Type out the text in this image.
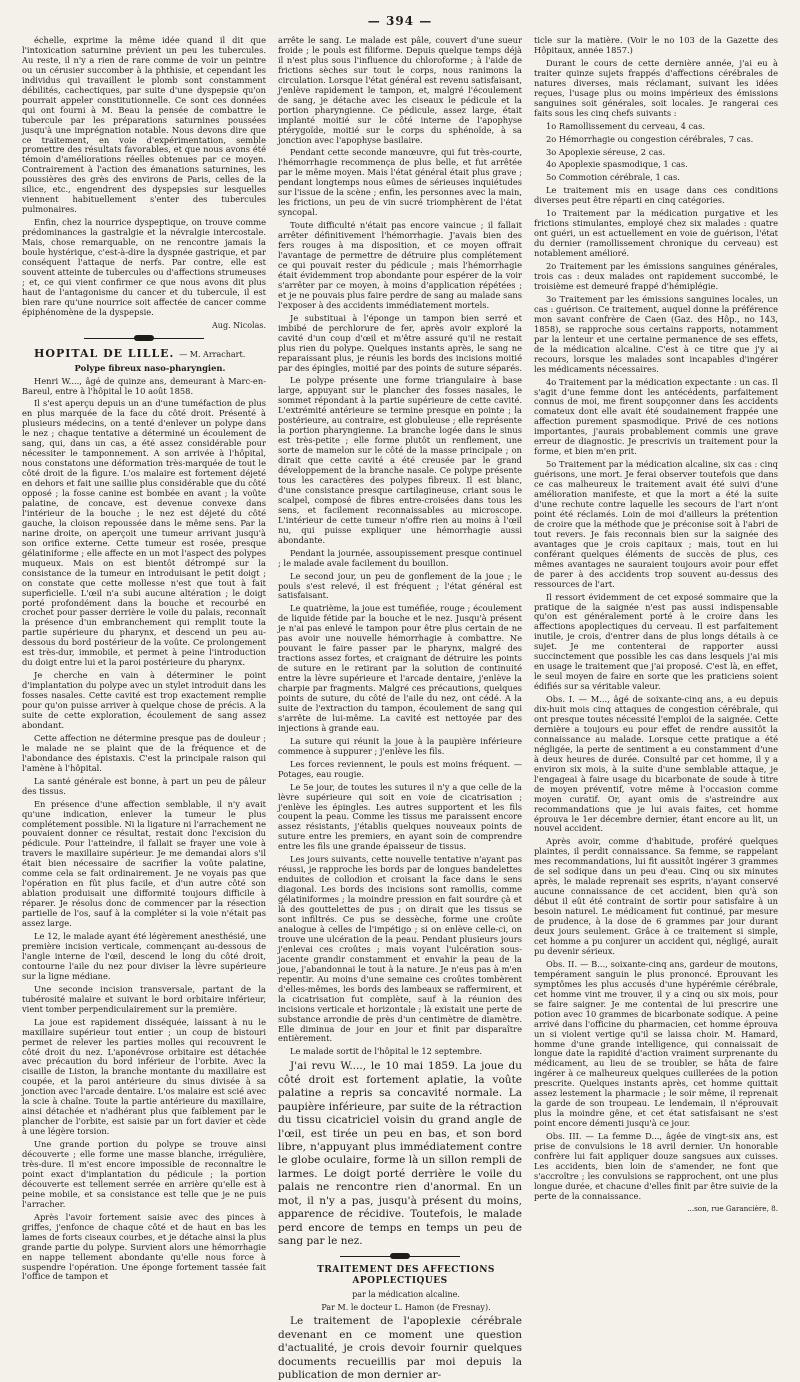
— 394 —

échelle, exprime la même idée quand il dit que l'intoxication saturnine prévient un peu les tubercules. Au reste, il n'y a rien de rare comme de voir un peintre ou un cérusier succomber à la phthisie, et cependant les individus qui travaillent le plomb sont constamment débilités, cachectiques, par suite d'une dyspepsie qu'on pourrait appeler constitutionnelle. Ce sont ces données qui ont fourni à M. Beau la pensée de combattre le tubercule par les préparations saturnines poussées jusqu'à une imprégnation notable. Nous devons dire que ce traitement, en voie d'expérimentation, semble promettre des résultats favorables, et que nous avons été témoin d'améliorations réelles obtenues par ce moyen. Contrairement à l'action des émanations saturnines, les poussières des grès des environs de Paris, celles de la silice, etc., engendrent des dyspepsies sur lesquelles viennent habituellement s'enter des tubercules pulmonaires.

Enfin, chez la nourrice dyspeptique, on trouve comme prédominances la gastralgie et la névralgie intercostale. Mais, chose remarquable, on ne rencontre jamais la boule hystérique, c'est-à-dire la dyspnée gastrique, et par conséquent l'attaque de nerfs. Par contre, elle est souvent atteinte de tubercules ou d'affections strumeuses ; et, ce qui vient confirmer ce que nous avons dit plus haut de l'antagonisme du cancer et du tubercule, il est bien rare qu'une nourrice soit affectée de cancer comme épiphénomène de la dyspepsie.

Aug. Nicolas.

HOPITAL DE LILLE. — M. Arrachart.

Polype fibreux naso-pharyngien.

Henri W...., âgé de quinze ans, demeurant à Marc-en-Bareul, entre à l'hôpital le 10 août 1858.

Il s'est aperçu depuis un an d'une tuméfaction de plus en plus marquée de la face du côté droit. Présenté à plusieurs médecins, on a tenté d'enlever un polype dans le nez ; chaque tentative a déterminé un écoulement de sang, qui, dans un cas, a été assez considérable pour nécessiter le tamponnement. A son arrivée à l'hôpital, nous constatons une déformation très-marquée de tout le côté droit de la figure. L'os malaire est fortement déjeté en dehors et fait une saillie plus considérable que du côté opposé ; la fosse canine est bombée en avant ; la voûte palatine, de concave, est devenue convexe dans l'intérieur de la bouche ; le nez est déjeté du côté gauche, la cloison repoussée dans le même sens. Par la narine droite, on aperçoit une tumeur arrivant jusqu'à son orifice externe. Cette tumeur est rosée, presque gélatiniforme ; elle affecte en un mot l'aspect des polypes muqueux. Mais on est bientôt détrompé sur la consistance de la tumeur en introduisant le petit doigt ; on constate que cette mollesse n'est que tout à fait superficielle. L'œil n'a subi aucune altération ; le doigt porté profondément dans la bouche et recourbé en crochet pour passer derrière le voile du palais, reconnaît la présence d'un embranchement qui remplit toute la partie supérieure du pharynx, et descend un peu au-dessous du bord postérieur de la voûte. Ce prolongement est très-dur, immobile, et permet à peine l'introduction du doigt entre lui et la paroi postérieure du pharynx.

Je cherche en vain à déterminer le point d'implantation du polype avec un stylet introduit dans les fosses nasales. Cette cavité est trop exactement remplie pour qu'on puisse arriver à quelque chose de précis. A la suite de cette exploration, écoulement de sang assez abondant.

Cette affection ne détermine presque pas de douleur ; le malade ne se plaint que de la fréquence et de l'abondance des épistaxis. C'est la principale raison qui l'amène à l'hôpital.

La santé générale est bonne, à part un peu de pâleur des tissus.

En présence d'une affection semblable, il n'y avait qu'une indication, enlever la tumeur le plus complétement possible. Ni la ligature ni l'arrachement ne pouvaient donner ce résultat, restait donc l'excision du pédicule. Pour l'atteindre, il fallait se frayer une voie à travers le maxillaire supérieur. Je me demandai alors s'il était bien nécessaire de sacrifier la voûte palatine, comme cela se fait ordinairement. Je ne voyais pas que l'opération en fût plus facile, et d'un autre côté son ablation produisait une difformité toujours difficile à réparer. Je résolus donc de commencer par la résection partielle de l'os, sauf à la compléter si la voie n'était pas assez large.

Le 12, le malade ayant été légèrement anesthésié, une première incision verticale, commençant au-dessous de l'angle interne de l'œil, descend le long du côté droit, contourne l'aile du nez pour diviser la lèvre supérieure sur la ligne médiane.

Une seconde incision transversale, partant de la tubérosité malaire et suivant le bord orbitaire inférieur, vient tomber perpendiculairement sur la première.

La joue est rapidement disséquée, laissant à nu le maxillaire supérieur tout entier ; un coup de bistouri permet de relever les parties molles qui recouvrent le côté droit du nez. L'aponévrose orbitaire est détachée avec précaution du bord inférieur de l'orbite. Avec la cisaille de Liston, la branche montante du maxillaire est coupée, et la paroi antérieure du sinus divisée à sa jonction avec l'arcade dentaire. L'os malaire est scié avec la scie à chaîne. Toute la partie antérieure du maxillaire, ainsi détachée et n'adhérant plus que faiblement par le plancher de l'orbite, est saisie par un fort davier et cède à une légère torsion.

Une grande portion du polype se trouve ainsi découverte ; elle forme une masse blanche, irrégulière, très-dure. Il m'est encore impossible de reconnaître le point exact d'implantation du pédicule ; la portion découverte est tellement serrée en arrière qu'elle est à peine mobile, et sa consistance est telle que je ne puis l'arracher.

Après l'avoir fortement saisie avec des pinces à griffes, j'enfonce de chaque côté et de haut en bas les lames de forts ciseaux courbes, et je détache ainsi la plus grande partie du polype. Survient alors une hémorrhagie en nappe tellement abondante qu'elle nous force à suspendre l'opération. Une éponge fortement tassée fait l'office de tampon et

arrête le sang. Le malade est pâle, couvert d'une sueur froide ; le pouls est filiforme. Depuis quelque temps déjà il n'est plus sous l'influence du chloroforme ; à l'aide de frictions sèches sur tout le corps, nous ranimons la circulation. Lorsque l'état général est revenu satisfaisant, j'enlève rapidement le tampon, et, malgré l'écoulement de sang, je détache avec les ciseaux le pédicule et la portion pharyngienne. Ce pédicule, assez large, était implanté moitié sur le côté interne de l'apophyse ptérygoïde, moitié sur le corps du sphénoïde, à sa jonction avec l'apophyse basilaire.

Pendant cette seconde manœuvre, qui fut très-courte, l'hémorrhagie recommença de plus belle, et fut arrêtée par le même moyen. Mais l'état général était plus grave ; pendant longtemps nous eûmes de sérieuses inquiétudes sur l'issue de la scène ; enfin, les personnes avec la main, les frictions, un peu de vin sucré triomphèrent de l'état syncopal.

Toute difficulté n'était pas encore vaincue ; il fallait arrêter définitivement l'hémorrhagie. J'avais bien des fers rouges à ma disposition, et ce moyen offrait l'avantage de permettre de détruire plus complétement ce qui pouvait rester du pédicule ; mais l'hémorrhagie était évidemment trop abondante pour espérer de la voir s'arrêter par ce moyen, à moins d'application répétées ; et je ne pouvais plus faire perdre de sang au malade sans l'exposer à des accidents immédiatement mortels.

Je substituai à l'éponge un tampon bien serré et imbibé de perchlorure de fer, après avoir exploré la cavité d'un coup d'œil et m'être assuré qu'il ne restait plus rien du polype. Quelques instants après, le sang ne reparaissant plus, je réunis les bords des incisions moitié par des épingles, moitié par des points de suture séparés.

Le polype présente une forme triangulaire à base large, appuyant sur le plancher des fosses nasales, le sommet répondant à la partie supérieure de cette cavité. L'extrémité antérieure se termine presque en pointe ; la postérieure, au contraire, est globuleuse ; elle représente la portion pharyngienne. La branche logée dans le sinus est très-petite ; elle forme plutôt un renflement, une sorte de mamelon sur le côté de la masse principale ; on dirait que cette cavité a été creusée par le grand développement de la branche nasale. Ce polype présente tous les caractères des polypes fibreux. Il est blanc, d'une consistance presque cartilagineuse, criant sous le scalpel, composé de fibres entre-croisées dans tous les sens, et facilement reconnaissables au microscope. L'intérieur de cette tumeur n'offre rien au moins à l'œil nu, qui puisse expliquer une hémorrhagie aussi abondante.

Pendant la journée, assoupissement presque continuel ; le malade avale facilement du bouillon.

Le second jour, un peu de gonflement de la joue ; le pouls s'est relevé, il est fréquent ; l'état général est satisfaisant.

Le quatrième, la joue est tuméfiée, rouge ; écoulement de liquide fétide par la bouche et le nez. Jusqu'à présent je n'ai pas enlevé le tampon pour être plus certain de ne pas avoir une nouvelle hémorrhagie à combattre. Ne pouvant le faire passer par le pharynx, malgré des tractions assez fortes, et craignant de détruire les points de suture en le retirant par la solution de continuité entre la lèvre supérieure et l'arcade dentaire, j'enlève la charpie par fragments. Malgré ces précautions, quelques points de suture, du côté de l'aile du nez, ont cédé. A la suite de l'extraction du tampon, écoulement de sang qui s'arrête de lui-même. La cavité est nettoyée par des injections à grande eau.

La suture qui réunit la joue à la paupière inférieure commence à suppurer ; j'enlève les fils.

Les forces reviennent, le pouls est moins fréquent. — Potages, eau rougie.

Le 5e jour, de toutes les sutures il n'y a que celle de la lèvre supérieure qui soit en voie de cicatrisation ; j'enlève les épingles. Les autres supportent et les fils coupent la peau. Comme les tissus me paraissent encore assez résistants, j'établis quelques nouveaux points de suture entre les premiers, en ayant soin de comprendre entre les fils une grande épaisseur de tissus.

Les jours suivants, cette nouvelle tentative n'ayant pas réussi, je rapproche les bords par de longues bandelettes enduites de collodion et croisant la face dans le sens diagonal. Les bords des incisions sont ramollis, comme gélatiniformes ; la moindre pression en fait sourdre çà et là des gouttelettes de pus ; on dirait que les tissus se sont infiltrés. Ce pus se dessèche, forme une croûte analogue à celles de l'impétigo ; si on enlève celle-ci, on trouve une ulcération de la peau. Pendant plusieurs jours j'enlevai ces croûtes ; mais voyant l'ulcération sous-jacente grandir constamment et envahir la peau de la joue, j'abandonnai le tout à la nature. Je n'eus pas à m'en repentir. Au moins d'une semaine ces croûtes tombèrent d'elles-mêmes, les bords des lambeaux se raffermirent, et la cicatrisation fut complète, sauf à la réunion des incisions verticale et horizontale ; là existait une perte de substance arrondie de près d'un centimètre de diamètre. Elle diminua de jour en jour et finit par disparaître entièrement.

Le malade sortit de l'hôpital le 12 septembre.

J'ai revu W...., le 10 mai 1859. La joue du côté droit est fortement aplatie, la voûte palatine a repris sa concavité normale. La paupière inférieure, par suite de la rétraction du tissu cicatriciel voisin du grand angle de l'œil, est tirée un peu en bas, et son bord libre, n'appuyant plus immédiatement contre le globe oculaire, forme là un sillon rempli de larmes. Le doigt porté derrière le voile du palais ne rencontre rien d'anormal. En un mot, il n'y a pas, jusqu'à présent du moins, apparence de récidive. Toutefois, le malade perd encore de temps en temps un peu de sang par le nez.

TRAITEMENT DES AFFECTIONS APOPLECTIQUES

par la médication alcaline.

Par M. le docteur L. Hamon (de Fresnay).

Le traitement de l'apoplexie cérébrale devenant en ce moment une question d'actualité, je crois devoir fournir quelques documents recueillis par moi depuis la publication de mon dernier ar-

ticle sur la matière. (Voir le no 103 de la Gazette des Hôpitaux, année 1857.)

Durant le cours de cette dernière année, j'ai eu à traiter quinze sujets frappés d'affections cérébrales de natures diverses, mais réclamant, suivant les idées reçues, l'usage plus ou moins impérieux des émissions sanguines soit générales, soit locales. Je rangerai ces faits sous les cinq chefs suivants :

1o Ramollissement du cerveau, 4 cas.

2o Hémorrhagie ou congestion cérébrales, 7 cas.

3o Apoplexie séreuse, 2 cas.

4o Apoplexie spasmodique, 1 cas.

5o Commotion cérébrale, 1 cas.

Le traitement mis en usage dans ces conditions diverses peut être réparti en cinq catégories.

1o Traitement par la médication purgative et les frictions stimulantes, employé chez six malades : quatre ont guéri, un est actuellement en voie de guérison, l'état du dernier (ramollissement chronique du cerveau) est notablement amélioré.

2o Traitement par les émissions sanguines générales, trois cas : deux malades ont rapidement succombé, le troisième est demeuré frappé d'hémiplégie.

3o Traitement par les émissions sanguines locales, un cas : guérison. Ce traitement, auquel donne la préférence mon savant confrère de Caen (Gaz. des Hôp., no 143, 1858), se rapproche sous certains rapports, notamment par la lenteur et une certaine permanence de ses effets, de la médication alcaline. C'est à ce titre que j'y ai recours, lorsque les malades sont incapables d'ingérer les médicaments nécessaires.

4o Traitement par la médication expectante : un cas. Il s'agit d'une femme dont les antécédents, parfaitement connus de moi, me firent soupçonner dans les accidents comateux dont elle avait été soudainement frappée une affection purement spasmodique. Privé de ces notions importantes, j'aurais probablement commis une grave erreur de diagnostic. Je prescrivis un traitement pour la forme, et bien m'en prit.

5o Traitement par la médication alcaline, six cas : cinq guérisons, une mort. Je ferai observer toutefois que dans ce cas malheureux le traitement avait été suivi d'une amélioration manifeste, et que la mort a été la suite d'une rechute contre laquelle les secours de l'art n'ont point été réclamés. Loin de moi d'ailleurs la prétention de croire que la méthode que je préconise soit à l'abri de tout revers. Je fais reconnais bien sur la saignée des avantages que je crois capitaux ; mais, tout en lui conférant quelques éléments de succès de plus, ces mêmes avantages ne sauraient toujours avoir pour effet de parer à des accidents trop souvent au-dessus des ressources de l'art.

Il ressort évidemment de cet exposé sommaire que la pratique de la saignée n'est pas aussi indispensable qu'on est généralement porté à le croire dans les affections apoplectiques du cerveau. Il est parfaitement inutile, je crois, d'entrer dans de plus longs détails à ce sujet. Je me contenterai de rapporter aussi succinctement que possible les cas dans lesquels j'ai mis en usage le traitement que j'ai proposé. C'est là, en effet, le seul moyen de faire en sorte que les praticiens soient édifiés sur sa véritable valeur.

Obs. I. — M..., âgé de soixante-cinq ans, a eu depuis dix-huit mois cinq attaques de congestion cérébrale, qui ont presque toutes nécessité l'emploi de la saignée. Cette dernière a toujours eu pour effet de rendre aussitôt la connaissance au malade. Lorsque cette pratique a été négligée, la perte de sentiment a eu constamment d'une à deux heures de durée. Consulté par cet homme, il y a environ six mois, à la suite d'une semblable attaque, je l'engageai à faire usage du bicarbonate de soude à titre de moyen préventif, votre même à l'occasion comme moyen curatif. Or, ayant omis de s'astreindre aux recommandations que je lui avais faites, cet homme éprouva le 1er décembre dernier, étant encore au lit, un nouvel accident.

Après avoir, comme d'habitude, proféré quelques plaintes, il perdit connaissance. Sa femme, se rappelant mes recommandations, lui fit aussitôt ingérer 3 grammes de sel sodique dans un peu d'eau. Cinq ou six minutes après, le malade reprenait ses esprits, n'ayant conservé aucune connaissance de cet accident, bien qu'à son début il eût été contraint de sortir pour satisfaire à un besoin naturel. Le médicament fut continué, par mesure de prudence, à la dose de 6 grammes par jour durant deux jours seulement. Grâce à ce traitement si simple, cet homme a pu conjurer un accident qui, négligé, aurait pu devenir sérieux.

Obs. II. — B..., soixante-cinq ans, gardeur de moutons, tempérament sanguin le plus prononcé. Éprouvant les symptômes les plus accusés d'une hypérémie cérébrale, cet homme vint me trouver, il y a cinq ou six mois, pour se faire saigner. Je me contentai de lui prescrire une potion avec 10 grammes de bicarbonate sodique. A peine arrivé dans l'officine du pharmacien, cet homme éprouva un si violent vertige qu'il se laissa choir. M. Hamard, homme d'une grande intelligence, qui connaissait de longue date la rapidité d'action vraiment surprenante du médicament, au lieu de se troubler, se hâta de faire ingérer à ce malheureux quelques cuillerées de la potion prescrite. Quelques instants après, cet homme quittait assez lestement la pharmacie ; le soir même, il reprenait la garde de son troupeau. Le lendemain, il n'éprouvait plus la moindre gêne, et cet état satisfaisant ne s'est point encore démenti jusqu'à ce jour.

Obs. III. — La femme D..., âgée de vingt-six ans, est prise de convulsions le 18 avril dernier. Un honorable confrère lui fait appliquer douze sangsues aux cuisses. Les accidents, bien loin de s'amender, ne font que s'accroître ; les convulsions se rapprochent, ont une plus longue durée, et chacune d'elles finit par être suivie de la perte de la connaissance.

...son, rue Garancière, 8.
